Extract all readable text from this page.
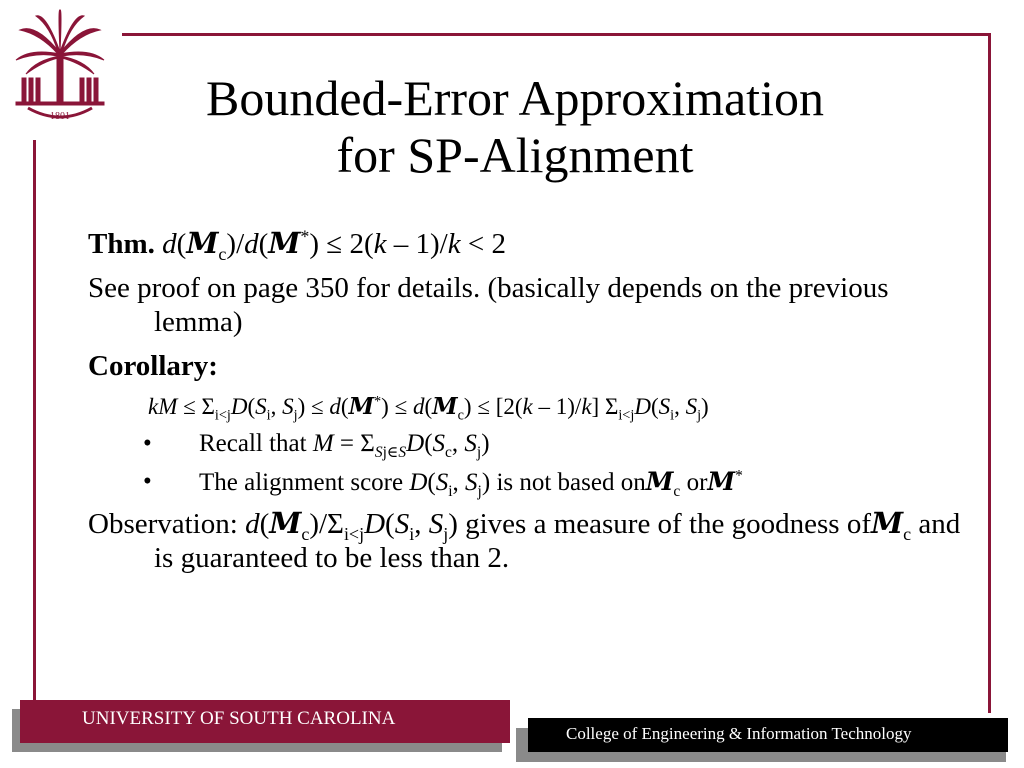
1801	Bounded-Error Approximation
for SP-Alignment

Thm. $d(M_c)/d(M^*) \le 2(k - 1)/k < 2$

See proof on page 350 for details. (basically depends on the previous lemma)

Corollary:

kM ≤ $\Sigma_{i<j}D(S_i$, $S_j) \le d(M^*) \le d(M_c) \le [2(k - 1)/k]$ $\Sigma_{i<j}D(S_i$, $S_j$)
• Recall that $M = \Sigma_{Sj\in S}D(S_c$, $S_j$)
• The alignment score $D(S_i$, $S_j$) is not based onM$_c$ orM*

Observation: $d(M_c)/\Sigma_{i<j}D(S_i$, $S_j$) gives a measure of the goodness ofM$_c$ and is guaranteed to be less than 2.

UNIVERSITY OF SOUTH CAROLINA
College of Engineering & Information Technology
